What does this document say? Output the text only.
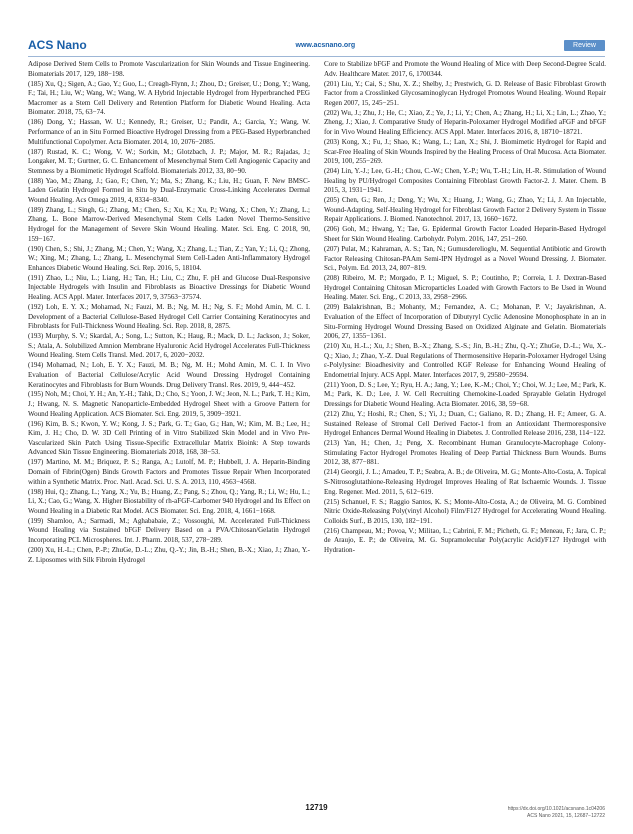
ACS Nano	www.acsnano.org	Review

Adipose Derived Stem Cells to Promote Vascularization for Skin Wounds and Tissue Engineering. Biomaterials 2017, 129, 188−198.

(185) Xu, Q.; Sigen, A.; Gao, Y.; Guo, L.; Creagh-Flynn, J.; Zhou, D.; Greiser, U.; Dong, Y.; Wang, F.; Tai, H.; Liu, W.; Wang, W.; Wang, W. A Hybrid Injectable Hydrogel from Hyperbranched PEG Macromer as a Stem Cell Delivery and Retention Platform for Diabetic Wound Healing. Acta Biomater. 2018, 75, 63−74.

(186) Dong, Y.; Hassan, W. U.; Kennedy, R.; Greiser, U.; Pandit, A.; Garcia, Y.; Wang, W. Performance of an in Situ Formed Bioactive Hydrogel Dressing from a PEG-Based Hyperbranched Multifunctional Copolymer. Acta Biomater. 2014, 10, 2076−2085.

(187) Rustad, K. C.; Wong, V. W.; Sorkin, M.; Glotzbach, J. P.; Major, M. R.; Rajadas, J.; Longaker, M. T.; Gurtner, G. C. Enhancement of Mesenchymal Stem Cell Angiogenic Capacity and Stemness by a Biomimetic Hydrogel Scaffold. Biomaterials 2012, 33, 80−90.

(188) Yao, M.; Zhang, J.; Gao, F.; Chen, Y.; Ma, S.; Zhang, K.; Liu, H.; Guan, F. New BMSC-Laden Gelatin Hydrogel Formed in Situ by Dual-Enzymatic Cross-Linking Accelerates Dermal Wound Healing. Acs Omega 2019, 4, 8334−8340.

(189) Zhang, L.; Singh, G.; Zhang, M.; Chen, S.; Xu, K.; Xu, P.; Wang, X.; Chen, Y.; Zhang, L.; Zhang, L. Bone Marrow-Derived Mesenchymal Stem Cells Laden Novel Thermo-Sensitive Hydrogel for the Management of Severe Skin Wound Healing. Mater. Sci. Eng. C 2018, 90, 159−167.

(190) Chen, S.; Shi, J.; Zhang, M.; Chen, Y.; Wang, X.; Zhang, L.; Tian, Z.; Yan, Y.; Li, Q.; Zhong, W.; Xing, M.; Zhang, L.; Zhang, L. Mesenchymal Stem Cell-Laden Anti-Inflammatory Hydrogel Enhances Diabetic Wound Healing. Sci. Rep. 2016, 5, 18104.

(191) Zhao, L.; Niu, L.; Liang, H.; Tan, H.; Liu, C.; Zhu, F. pH and Glucose Dual-Responsive Injectable Hydrogels with Insulin and Fibroblasts as Bioactive Dressings for Diabetic Wound Healing. ACS Appl. Mater. Interfaces 2017, 9, 37563−37574.

(192) Loh, E. Y. X.; Mohamad, N.; Fauzi, M. B.; Ng, M. H.; Ng, S. F.; Mohd Amin, M. C. I. Development of a Bacterial Cellulose-Based Hydrogel Cell Carrier Containing Keratinocytes and Fibroblasts for Full-Thickness Wound Healing. Sci. Rep. 2018, 8, 2875.

(193) Murphy, S. V.; Skardal, A.; Song, L.; Sutton, K.; Haug, R.; Mack, D. L.; Jackson, J.; Soker, S.; Atala, A. Solubilized Amnion Membrane Hyaluronic Acid Hydrogel Accelerates Full-Thickness Wound Healing. Stem Cells Transl. Med. 2017, 6, 2020−2032.

(194) Mohamad, N.; Loh, E. Y. X.; Fauzi, M. B.; Ng, M. H.; Mohd Amin, M. C. I. In Vivo Evaluation of Bacterial Cellulose/Acrylic Acid Wound Dressing Hydrogel Containing Keratinocytes and Fibroblasts for Burn Wounds. Drug Delivery Transl. Res. 2019, 9, 444−452.

(195) Noh, M.; Choi, Y. H.; An, Y.-H.; Tahk, D.; Cho, S.; Yoon, J. W.; Jeon, N. L.; Park, T. H.; Kim, J.; Hwang, N. S. Magnetic Nanoparticle-Embedded Hydrogel Sheet with a Groove Pattern for Wound Healing Application. ACS Biomater. Sci. Eng. 2019, 5, 3909−3921.

(196) Kim, B. S.; Kwon, Y. W.; Kong, J. S.; Park, G. T.; Gao, G.; Han, W.; Kim, M. B.; Lee, H.; Kim, J. H.; Cho, D. W. 3D Cell Printing of in Vitro Stabilized Skin Model and in Vivo Pre-Vascularized Skin Patch Using Tissue-Specific Extracellular Matrix Bioink: A Step towards Advanced Skin Tissue Engineering. Biomaterials 2018, 168, 38−53.

(197) Martino, M. M.; Briquez, P. S.; Ranga, A.; Lutolf, M. P.; Hubbell, J. A. Heparin-Binding Domain of Fibrin(Ogen) Binds Growth Factors and Promotes Tissue Repair When Incorporated within a Synthetic Matrix. Proc. Natl. Acad. Sci. U. S. A. 2013, 110, 4563−4568.

(198) Hui, Q.; Zhang, L.; Yang, X.; Yu, B.; Huang, Z.; Pang, S.; Zhou, Q.; Yang, R.; Li, W.; Hu, L.; Li, X.; Cao, G.; Wang, X. Higher Biostability of rh-aFGF-Carbomer 940 Hydrogel and Its Effect on Wound Healing in a Diabetic Rat Model. ACS Biomater. Sci. Eng. 2018, 4, 1661−1668.

(199) Shamloo, A.; Sarmadi, M.; Aghababaie, Z.; Vossoughi, M. Accelerated Full-Thickness Wound Healing via Sustained bFGF Delivery Based on a PVA/Chitosan/Gelatin Hydrogel Incorporating PCL Microspheres. Int. J. Pharm. 2018, 537, 278−289.

(200) Xu, H.-L.; Chen, P.-P.; ZhuGe, D.-L.; Zhu, Q.-Y.; Jin, B.-H.; Shen, B.-X.; Xiao, J.; Zhao, Y.-Z. Liposomes with Silk Fibroin Hydrogel

Core to Stabilize bFGF and Promote the Wound Healing of Mice with Deep Second-Degree Scald. Adv. Healthcare Mater. 2017, 6, 1700344.

(201) Liu, Y.; Cai, S.; Shu, X. Z.; Shelby, J.; Prestwich, G. D. Release of Basic Fibroblast Growth Factor from a Crosslinked Glycosaminoglycan Hydrogel Promotes Wound Healing. Wound Repair Regen 2007, 15, 245−251.

(202) Wu, J.; Zhu, J.; He, C.; Xiao, Z.; Ye, J.; Li, Y.; Chen, A.; Zhang, H.; Li, X.; Lin, L.; Zhao, Y.; Zheng, J.; Xiao, J. Comparative Study of Heparin-Poloxamer Hydrogel Modified aFGF and bFGF for in Vivo Wound Healing Efficiency. ACS Appl. Mater. Interfaces 2016, 8, 18710−18721.

(203) Kong, X.; Fu, J.; Shao, K.; Wang, L.; Lan, X.; Shi, J. Biomimetic Hydrogel for Rapid and Scar-Free Healing of Skin Wounds Inspired by the Healing Process of Oral Mucosa. Acta Biomater. 2019, 100, 255−269.

(204) Lin, Y.-J.; Lee, G.-H.; Chou, C.-W.; Chen, Y.-P.; Wu, T.-H.; Lin, H.-R. Stimulation of Wound Healing by PU/Hydrogel Composites Containing Fibroblast Growth Factor-2. J. Mater. Chem. B 2015, 3, 1931−1941.

(205) Chen, G.; Ren, J.; Deng, Y.; Wu, X.; Huang, J.; Wang, G.; Zhao, Y.; Li, J. An Injectable, Wound-Adapting, Self-Healing Hydrogel for Fibroblast Growth Factor 2 Delivery System in Tissue Repair Applications. J. Biomed. Nanotechnol. 2017, 13, 1660−1672.

(206) Goh, M.; Hwang, Y.; Tae, G. Epidermal Growth Factor Loaded Heparin-Based Hydrogel Sheet for Skin Wound Healing. Carbohydr. Polym. 2016, 147, 251−260.

(207) Pulat, M.; Kahraman, A. S.; Tan, N.; Gumusderelioglu, M. Sequential Antibiotic and Growth Factor Releasing Chitosan-PAAm Semi-IPN Hydrogel as a Novel Wound Dressing. J. Biomater. Sci., Polym. Ed. 2013, 24, 807−819.

(208) Ribeiro, M. P.; Morgado, P. I.; Miguel, S. P.; Coutinho, P.; Correia, I. J. Dextran-Based Hydrogel Containing Chitosan Microparticles Loaded with Growth Factors to Be Used in Wound Healing. Mater. Sci. Eng., C 2013, 33, 2958−2966.

(209) Balakrishnan, B.; Mohanty, M.; Fernandez, A. C.; Mohanan, P. V.; Jayakrishnan, A. Evaluation of the Effect of Incorporation of Dibutyryl Cyclic Adenosine Monophosphate in an in Situ-Forming Hydrogel Wound Dressing Based on Oxidized Alginate and Gelatin. Biomaterials 2006, 27, 1355−1361.

(210) Xu, H.-L.; Xu, J.; Shen, B.-X.; Zhang, S.-S.; Jin, B.-H.; Zhu, Q.-Y.; ZhuGe, D.-L.; Wu, X.-Q.; Xiao, J.; Zhao, Y.-Z. Dual Regulations of Thermosensitive Heparin-Poloxamer Hydrogel Using ε-Polylysine: Bioadhesivity and Controlled KGF Release for Enhancing Wound Healing of Endometrial Injury. ACS Appl. Mater. Interfaces 2017, 9, 29580−29594.

(211) Yoon, D. S.; Lee, Y.; Ryu, H. A.; Jang, Y.; Lee, K.-M.; Choi, Y.; Choi, W. J.; Lee, M.; Park, K. M.; Park, K. D.; Lee, J. W. Cell Recruiting Chemokine-Loaded Sprayable Gelatin Hydrogel Dressings for Diabetic Wound Healing. Acta Biomater. 2016, 38, 59−68.

(212) Zhu, Y.; Hoshi, R.; Chen, S.; Yi, J.; Duan, C.; Galiano, R. D.; Zhang, H. F.; Ameer, G. A. Sustained Release of Stromal Cell Derived Factor-1 from an Antioxidant Thermoresponsive Hydrogel Enhances Dermal Wound Healing in Diabetes. J. Controlled Release 2016, 238, 114−122.

(213) Yan, H.; Chen, J.; Peng, X. Recombinant Human Granulocyte-Macrophage Colony-Stimulating Factor Hydrogel Promotes Healing of Deep Partial Thickness Burn Wounds. Burns 2012, 38, 877−881.

(214) Georgii, J. L.; Amadeu, T. P.; Seabra, A. B.; de Oliveira, M. G.; Monte-Alto-Costa, A. Topical S-Nitrosoglutathione-Releasing Hydrogel Improves Healing of Rat Ischaemic Wounds. J. Tissue Eng. Regener. Med. 2011, 5, 612−619.

(215) Schanuel, F. S.; Raggio Santos, K. S.; Monte-Alto-Costa, A.; de Oliveira, M. G. Combined Nitric Oxide-Releasing Poly(vinyl Alcohol) Film/F127 Hydrogel for Accelerating Wound Healing. Colloids Surf., B 2015, 130, 182−191.

(216) Champeau, M.; Povoa, V.; Militao, L.; Cabrini, F. M.; Picheth, G. F.; Meneau, F.; Jara, C. P.; de Araujo, E. P.; de Oliveira, M. G. Supramolecular Poly(acrylic Acid)/F127 Hydrogel with Hydration-

12719	https://dx.doi.org/10.1021/acsnano.1c04206
ACS Nano 2021, 15, 12687−12722
